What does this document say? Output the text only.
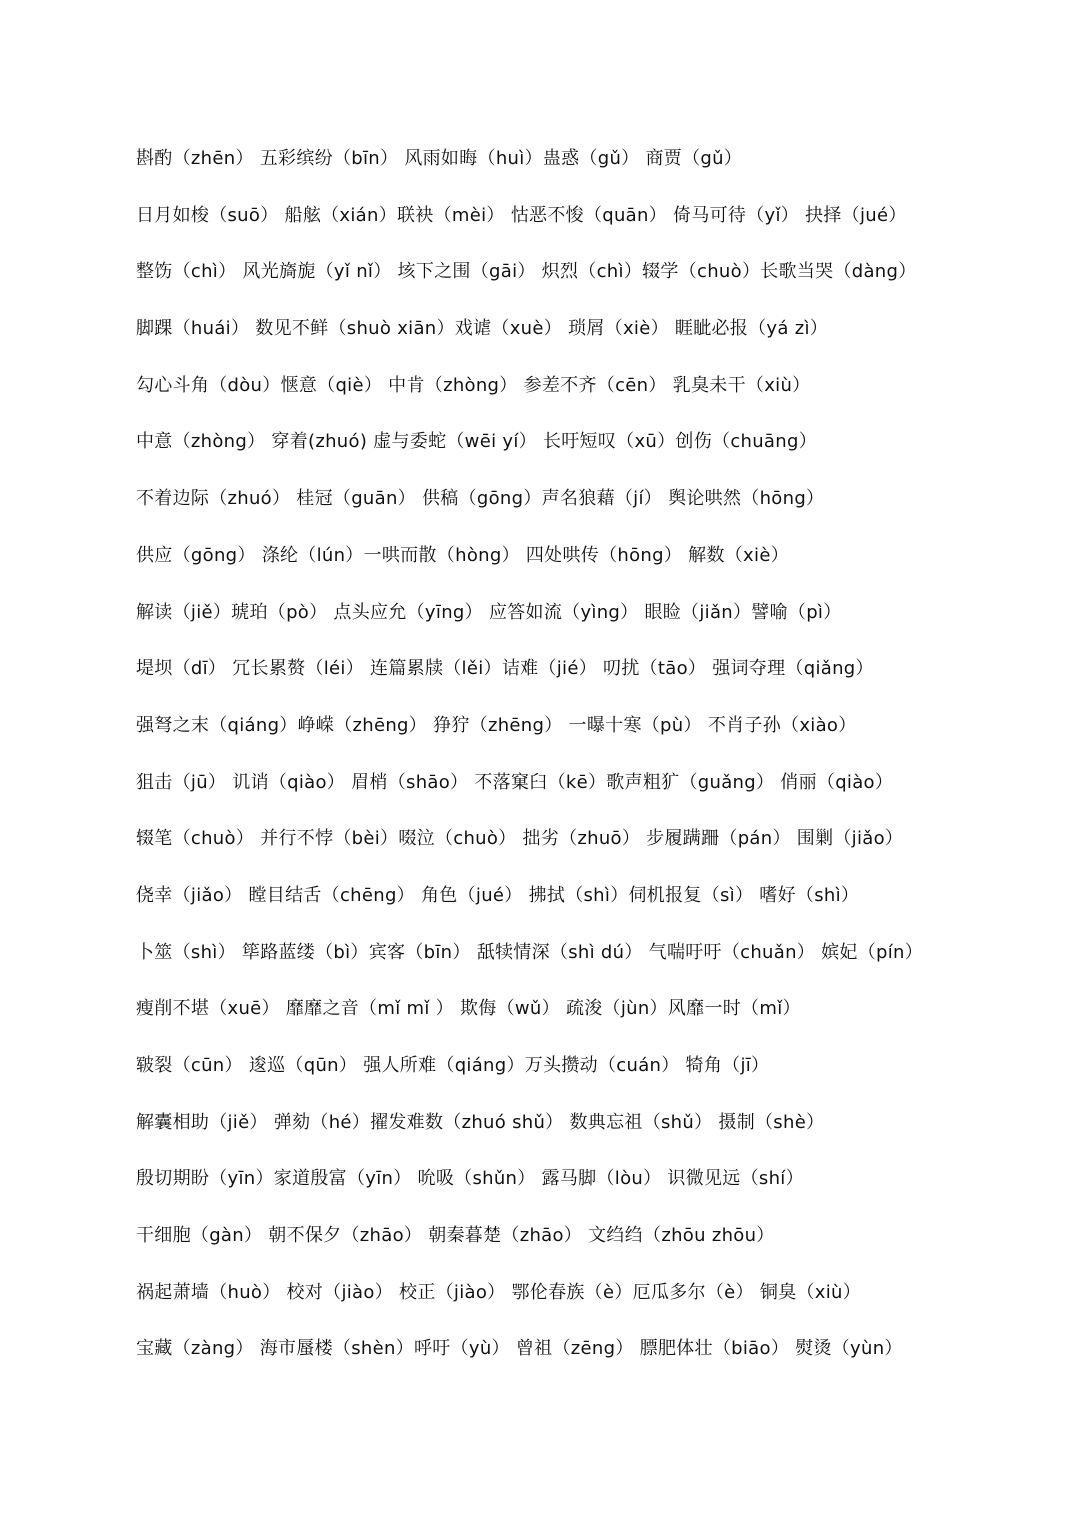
斟酌（zhēn） 五彩缤纷（bīn） 风雨如晦（huì）蛊惑（gǔ） 商贾（gǔ）
日月如梭（suō） 船舷（xián）联袂（mèi） 怙恶不悛（quān） 倚马可待（yǐ） 抉择（jué）
整饬（chì） 风光旖旎（yǐ nǐ） 垓下之围（gāi） 炽烈（chì）辍学（chuò）长歌当哭（dàng）
脚踝（huái） 数见不鲜（shuò xiān）戏谑（xuè） 琐屑（xiè） 睚眦必报（yá zì）
勾心斗角（dòu）惬意（qiè） 中肯（zhòng） 参差不齐（cēn） 乳臭未干（xiù）
中意（zhòng） 穿着(zhuó) 虚与委蛇（wēi yí） 长吁短叹（xū）创伤（chuāng）
不着边际（zhuó） 桂冠（guān） 供稿（gōng）声名狼藉（jí） 舆论哄然（hōng）
供应（gōng） 涤纶（lún）一哄而散（hòng） 四处哄传（hōng） 解数（xiè）
解读（jiě）琥珀（pò） 点头应允（yīng） 应答如流（yìng） 眼睑（jiǎn）譬喻（pì）
堤坝（dī） 冗长累赘（léi） 连篇累牍（lěi）诘难（jié） 叨扰（tāo） 强词夺理（qiǎng）
强弩之末（qiáng）峥嵘（zhēng） 狰狞（zhēng） 一曝十寒（pù） 不肖子孙（xiào）
狙击（jū） 讥诮（qiào） 眉梢（shāo） 不落窠臼（kē）歌声粗犷（guǎng） 俏丽（qiào）
辍笔（chuò） 并行不悖（bèi）啜泣（chuò） 拙劣（zhuō） 步履蹒跚（pán） 围剿（jiǎo）
侥幸（jiǎo） 瞠目结舌（chēng） 角色（jué） 拂拭（shì）伺机报复（sì） 嗜好（shì）
卜筮（shì） 筚路蓝缕（bì）宾客（bīn） 舐犊情深（shì dú） 气喘吁吁（chuǎn） 嫔妃（pín）
瘦削不堪（xuē） 靡靡之音（mǐ mǐ ） 欺侮（wǔ） 疏浚（jùn）风靡一时（mǐ）
皲裂（cūn） 逡巡（qūn） 强人所难（qiáng）万头攒动（cuán） 犄角（jī）
解囊相助（jiě） 弹劾（hé）擢发难数（zhuó shǔ） 数典忘祖（shǔ） 摄制（shè）
殷切期盼（yīn）家道殷富（yīn） 吮吸（shǔn） 露马脚（lòu） 识微见远（shí）
干细胞（gàn） 朝不保夕（zhāo） 朝秦暮楚（zhāo） 文绉绉（zhōu zhōu）
祸起萧墙（huò） 校对（jiào） 校正（jiào） 鄂伦春族（è）厄瓜多尔（è） 铜臭（xiù）
宝藏（zàng） 海市蜃楼（shèn）呼吁（yù） 曾祖（zēng） 膘肥体壮（biāo） 熨烫（yùn）
